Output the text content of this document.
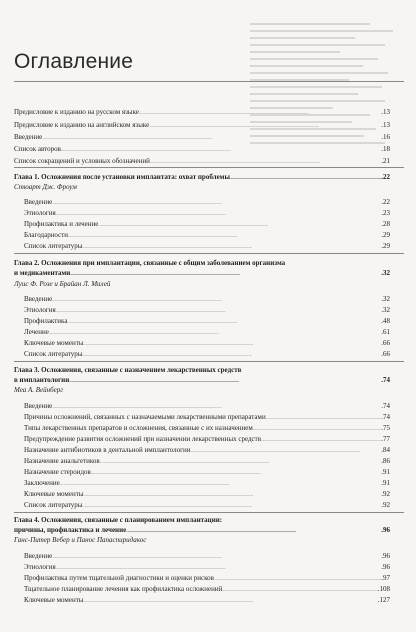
Оглавление
Предисловие к изданию на русском языке . . .	.13
Предисловие к изданию на английском языке . . .	.13
Введение . . .	.16
Список авторов . . .	.18
Список сокращений и условных обозначений . . .	.21
Глава 1. Осложнения после установки имплантата: охват проблемы . . .	.22
Стюарт Дж. Фроум
Введение . . .	.22
Этиология . . .	.23
Профилактика и лечение . . .	.28
Благодарности . . .	.29
Список литературы . . .	.29
Глава 2. Осложнения при имплантации, связанные с общим заболеванием организма
и медикаментами . . .	.32
Луис Ф. Розе и Брайан Л. Милей
Введение . . .	.32
Этиология . . .	.32
Профилактика . . .	.48
Лечение . . .	.61
Ключевые моменты . . .	.66
Список литературы . . .	.66
Глава 3. Осложнения, связанные с назначением лекарственных средств
в имплантологии . . .	.74
Меа А. Вейнберг
Введение . . .	.74
Причины осложнений, связанных с назначаемыми лекарственными препаратами . . .	.74
Типы лекарственных препаратов и осложнения, связанные с их назначением . . .	.75
Предупреждение развития осложнений при назначении лекарственных средств . . .	.77
Назначение антибиотиков в дентальной имплантологии . . .	.84
Назначение анальгетиков . . .	.86
Назначение стероидов . . .	.91
Заключение . . .	.91
Ключевые моменты . . .	.92
Список литературы . . .	.92
Глава 4. Осложнения, связанные с планированием имплантации:
причины, профилактика и лечение . . .	.96
Ганс-Питер Вебер и Панос Папаспиридакос
Введение . . .	.96
Этиология . . .	.96
Профилактика путем тщательной диагностики и оценки рисков . . .	.97
Тщательное планирование лечения как профилактика осложнений . . .	.108
Ключевые моменты . . .	.127
